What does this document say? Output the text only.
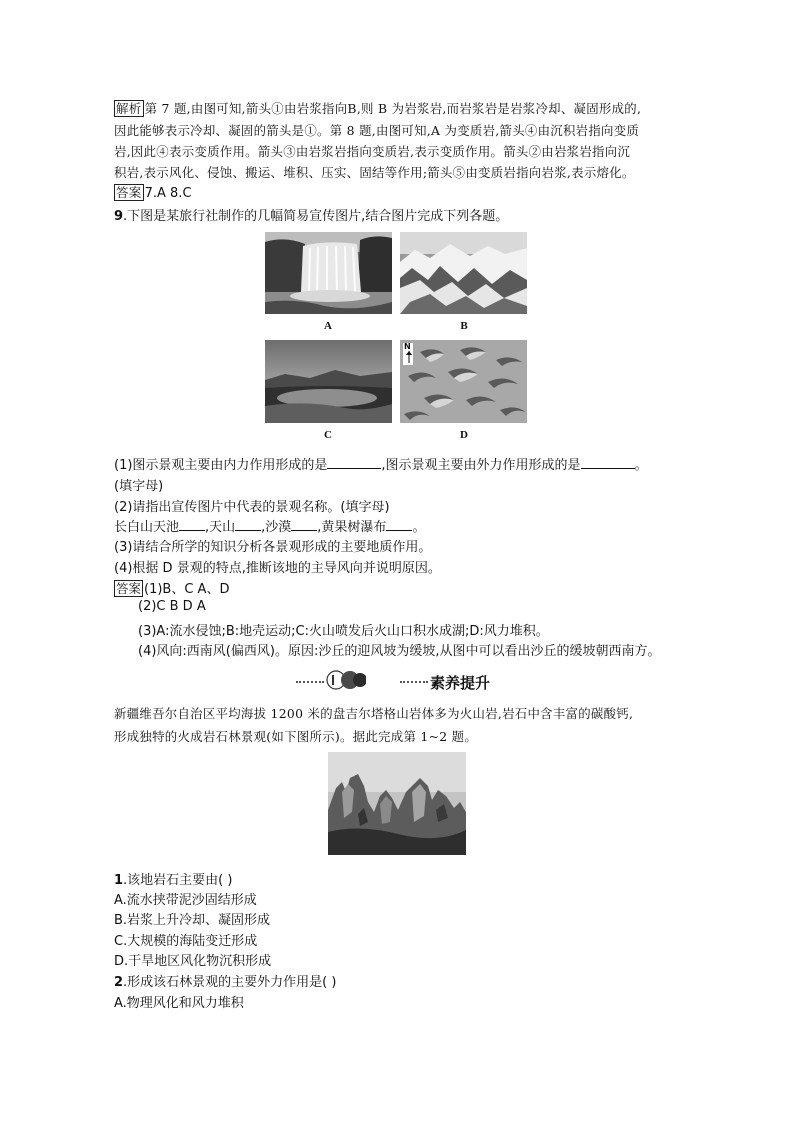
解析 第 7 题,由图可知,箭头①由岩浆指向B,则 B 为岩浆岩,而岩浆岩是岩浆冷却、凝固形成的,
因此能够表示冷却、凝固的箭头是①。第 8 题,由图可知,A 为变质岩,箭头④由沉积岩指向变质
岩,因此④表示变质作用。箭头③由岩浆岩指向变质岩,表示变质作用。箭头②由岩浆岩指向沉
积岩,表示风化、侵蚀、搬运、堆积、压实、固结等作用;箭头⑤由变质岩指向岩浆,表示熔化。
答案 7.A 8.C
9.下图是某旅行社制作的几幅简易宣传图片,结合图片完成下列各题。
A	B
C
N
D
(1)图示景观主要由内力作用形成的是	,图示景观主要由外力作用形成的是	。
(填字母)
(2)请指出宣传图片中代表的景观名称。(填字母)
长白山天池 ,天山 ,沙漠 ,黄果树瀑布 。
(3)请结合所学的知识分析各景观形成的主要地质作用。
(4)根据 D 景观的特点,推断该地的主导风向并说明原因。
答案 (1)B、C A、D
(2)C B D A
(3)A:流水侵蚀;B:地壳运动;C:火山喷发后火山口积水成湖;D:风力堆积。
(4)风向:西南风(偏西风)。原因:沙丘的迎风坡为缓坡,从图中可以看出沙丘的缓坡朝西南方。
素养提升
新疆维吾尔自治区平均海拔 1200 米的盘吉尔塔格山岩体多为火山岩,岩石中含丰富的碳酸钙,
形成独特的火成岩石林景观(如下图所示)。据此完成第 1~2 题。
1.该地岩石主要由( )
A.流水挟带泥沙固结形成
B.岩浆上升冷却、凝固形成
C.大规模的海陆变迁形成
D.干旱地区风化物沉积形成
2.形成该石林景观的主要外力作用是( )
A.物理风化和风力堆积
